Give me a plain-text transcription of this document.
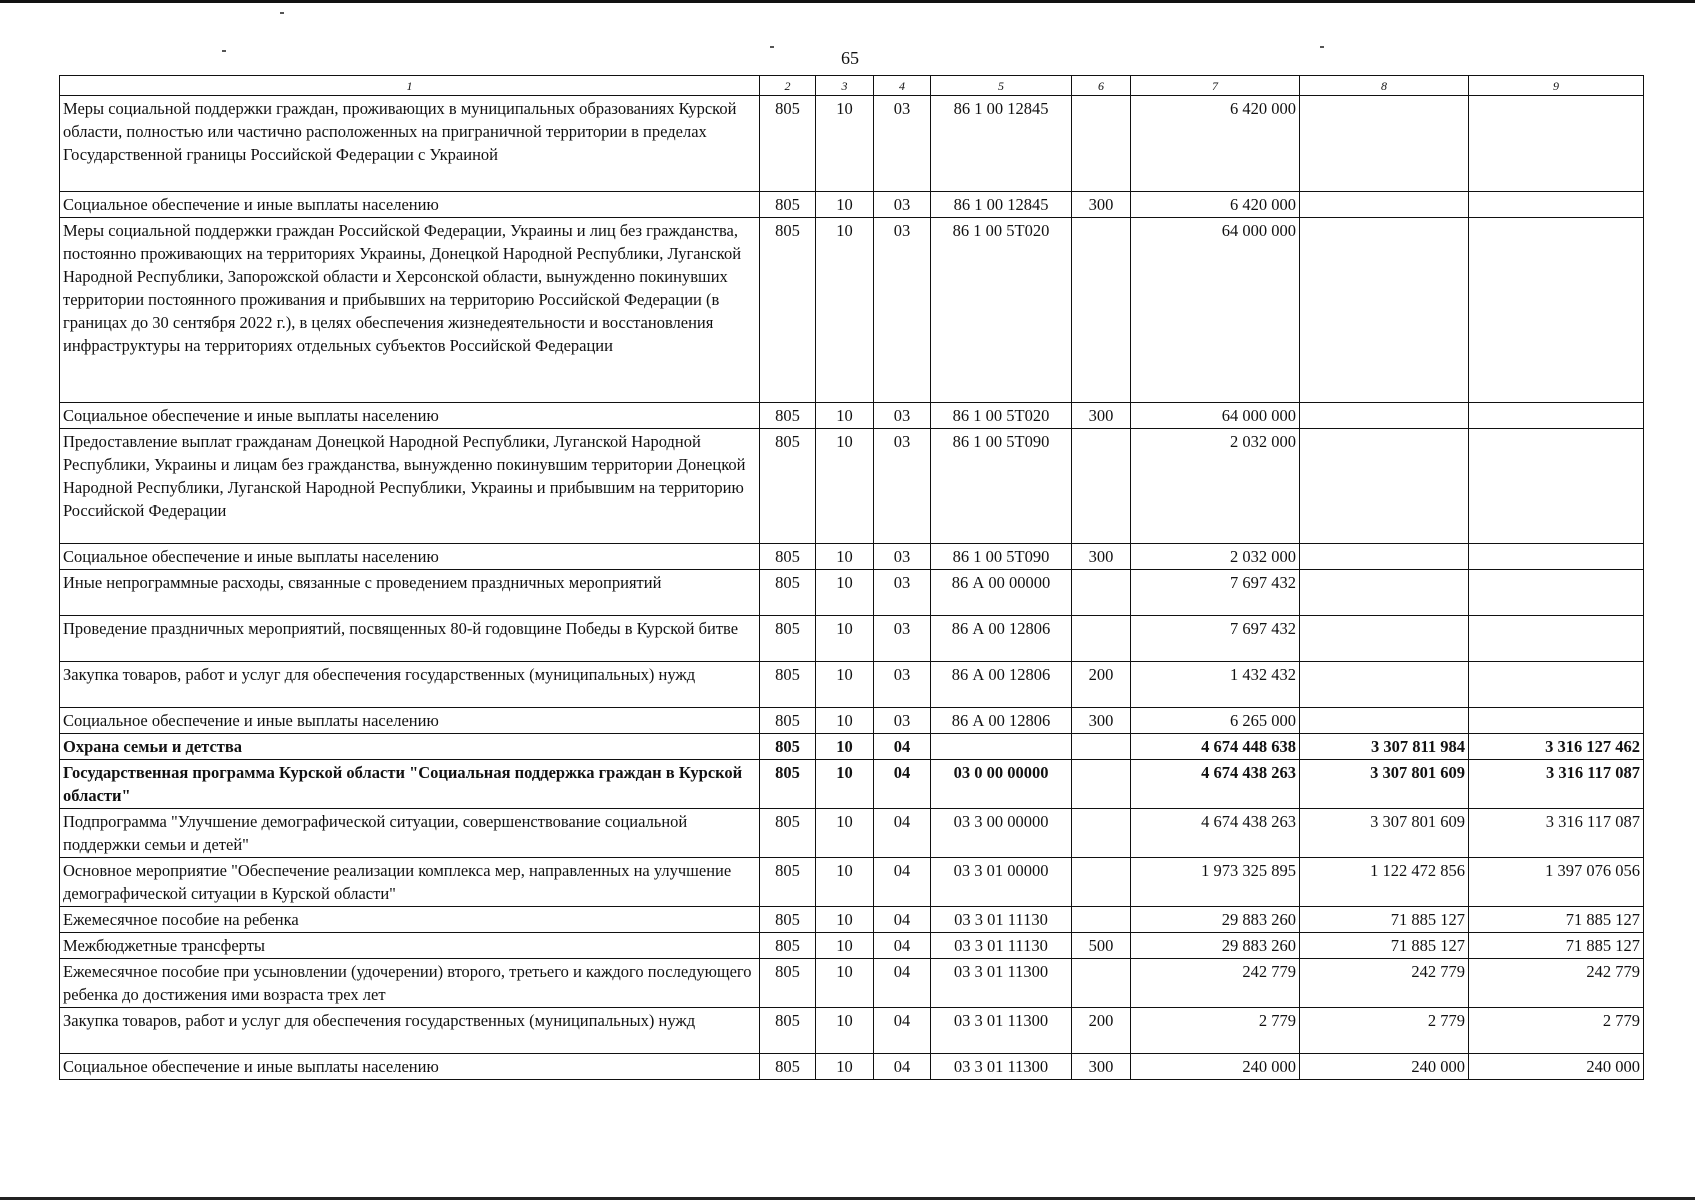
65
1	2	3	4	5	6	7	8	9
Меры социальной поддержки граждан, проживающих в муниципальных образованиях Курской области, полностью или частично расположенных на приграничной территории в пределах Государственной границы Российской Федерации с Украиной	805	10	03	86 1 00 12845		6 420 000		
Социальное обеспечение и иные выплаты населению	805	10	03	86 1 00 12845	300	6 420 000		
Меры социальной поддержки граждан Российской Федерации, Украины и лиц без гражданства, постоянно проживающих на территориях Украины, Донецкой Народной Республики, Луганской Народной Республики, Запорожской области и Херсонской области, вынужденно покинувших территории постоянного проживания и прибывших на территорию Российской Федерации (в границах до 30 сентября 2022 г.), в целях обеспечения жизнедеятельности и восстановления инфраструктуры на территориях отдельных субъектов Российской Федерации	805	10	03	86 1 00 5Т020		64 000 000		
Социальное обеспечение и иные выплаты населению	805	10	03	86 1 00 5Т020	300	64 000 000		
Предоставление выплат гражданам Донецкой Народной Республики, Луганской Народной Республики, Украины и лицам без гражданства, вынужденно покинувшим территории Донецкой Народной Республики, Луганской Народной Республики, Украины и прибывшим на территорию Российской Федерации	805	10	03	86 1 00 5Т090		2 032 000		
Социальное обеспечение и иные выплаты населению	805	10	03	86 1 00 5Т090	300	2 032 000		
Иные непрограммные расходы, связанные с проведением праздничных мероприятий	805	10	03	86 А 00 00000		7 697 432		
Проведение праздничных мероприятий, посвященных 80-й годовщине Победы в Курской битве	805	10	03	86 А 00 12806		7 697 432		
Закупка товаров, работ и услуг для обеспечения государственных (муниципальных) нужд	805	10	03	86 А 00 12806	200	1 432 432		
Социальное обеспечение и иные выплаты населению	805	10	03	86 А 00 12806	300	6 265 000		
Охрана семьи и детства	805	10	04			4 674 448 638	3 307 811 984	3 316 127 462
Государственная программа Курской области "Социальная поддержка граждан в Курской области"	805	10	04	03 0 00 00000		4 674 438 263	3 307 801 609	3 316 117 087
Подпрограмма "Улучшение демографической ситуации, совершенствование социальной поддержки семьи и детей"	805	10	04	03 3 00 00000		4 674 438 263	3 307 801 609	3 316 117 087
Основное мероприятие "Обеспечение реализации комплекса мер, направленных на улучшение демографической ситуации в Курской области"	805	10	04	03 3 01 00000		1 973 325 895	1 122 472 856	1 397 076 056
Ежемесячное пособие на ребенка	805	10	04	03 3 01 11130		29 883 260	71 885 127	71 885 127
Межбюджетные трансферты	805	10	04	03 3 01 11130	500	29 883 260	71 885 127	71 885 127
Ежемесячное пособие при усыновлении (удочерении) второго, третьего и каждого последующего ребенка до достижения ими возраста трех лет	805	10	04	03 3 01 11300		242 779	242 779	242 779
Закупка товаров, работ и услуг для обеспечения государственных (муниципальных) нужд	805	10	04	03 3 01 11300	200	2 779	2 779	2 779
Социальное обеспечение и иные выплаты населению	805	10	04	03 3 01 11300	300	240 000	240 000	240 000
